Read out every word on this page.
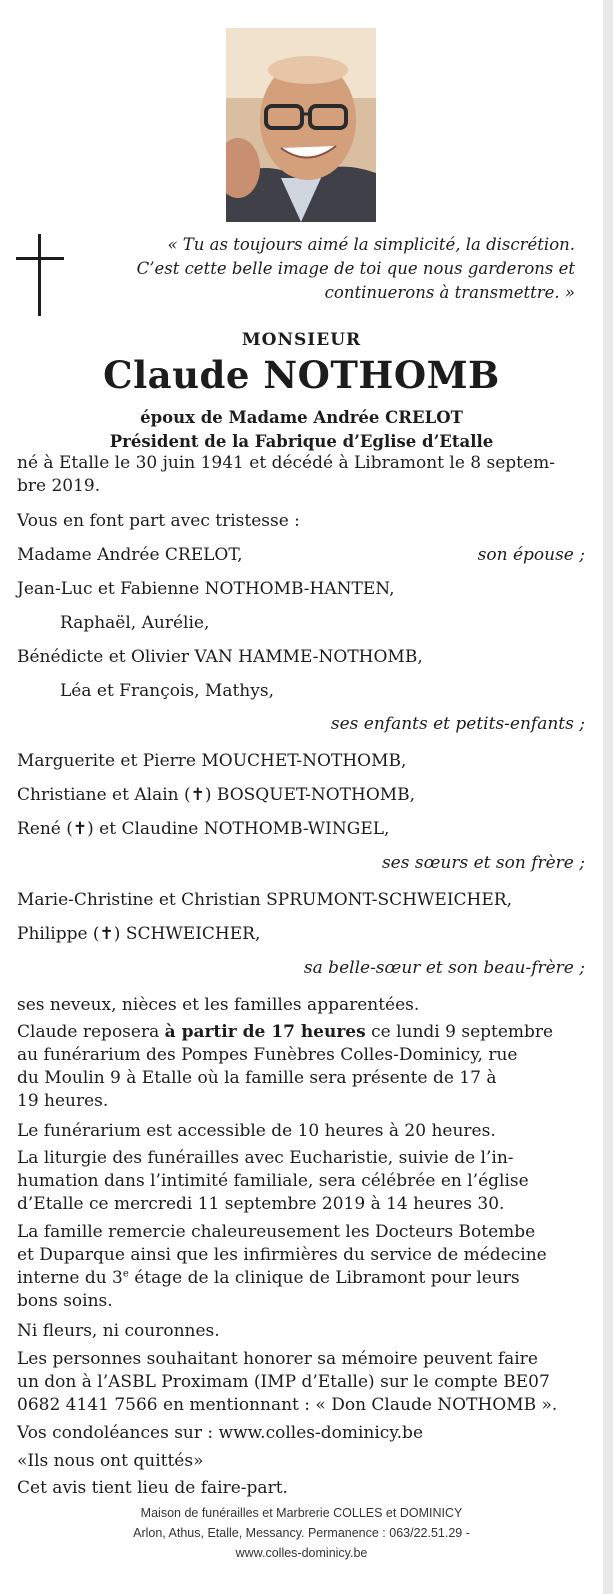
« Tu as toujours aimé la simplicité, la discrétion.
C’est cette belle image de toi que nous garderons et
continuerons à transmettre. »
MONSIEUR
Claude NOTHOMB
époux de Madame Andrée CRELOT
Président de la Fabrique d’Eglise d’Etalle
né à Etalle le 30 juin 1941 et décédé à Libramont le 8 septem-
bre 2019.
Vous en font part avec tristesse :
Madame Andrée CRELOT,	son épouse ;
Jean-Luc et Fabienne NOTHOMB-HANTEN,
Raphaël, Aurélie,
Bénédicte et Olivier VAN HAMME-NOTHOMB,
Léa et François, Mathys,
ses enfants et petits-enfants ;
Marguerite et Pierre MOUCHET-NOTHOMB,
Christiane et Alain (✝) BOSQUET-NOTHOMB,
René (✝) et Claudine NOTHOMB-WINGEL,
ses sœurs et son frère ;
Marie-Christine et Christian SPRUMONT-SCHWEICHER,
Philippe (✝) SCHWEICHER,
sa belle-sœur et son beau-frère ;
ses neveux, nièces et les familles apparentées.
Claude reposera à partir de 17 heures ce lundi 9 septembre
au funérarium des Pompes Funèbres Colles-Dominicy, rue
du Moulin 9 à Etalle où la famille sera présente de 17 à
19 heures.
Le funérarium est accessible de 10 heures à 20 heures.
La liturgie des funérailles avec Eucharistie, suivie de l’in-
humation dans l’intimité familiale, sera célébrée en l’église
d’Etalle ce mercredi 11 septembre 2019 à 14 heures 30.
La famille remercie chaleureusement les Docteurs Botembe
et Duparque ainsi que les infirmières du service de médecine
interne du 3e étage de la clinique de Libramont pour leurs
bons soins.
Ni fleurs, ni couronnes.
Les personnes souhaitant honorer sa mémoire peuvent faire
un don à l’ASBL Proximam (IMP d’Etalle) sur le compte BE07
0682 4141 7566 en mentionnant : « Don Claude NOTHOMB ».
Vos condoléances sur : www.colles-dominicy.be
«Ils nous ont quittés»
Cet avis tient lieu de faire-part.
Maison de funérailles et Marbrerie COLLES et DOMINICY
Arlon, Athus, Etalle, Messancy. Permanence : 063/22.51.29 -
www.colles-dominicy.be
